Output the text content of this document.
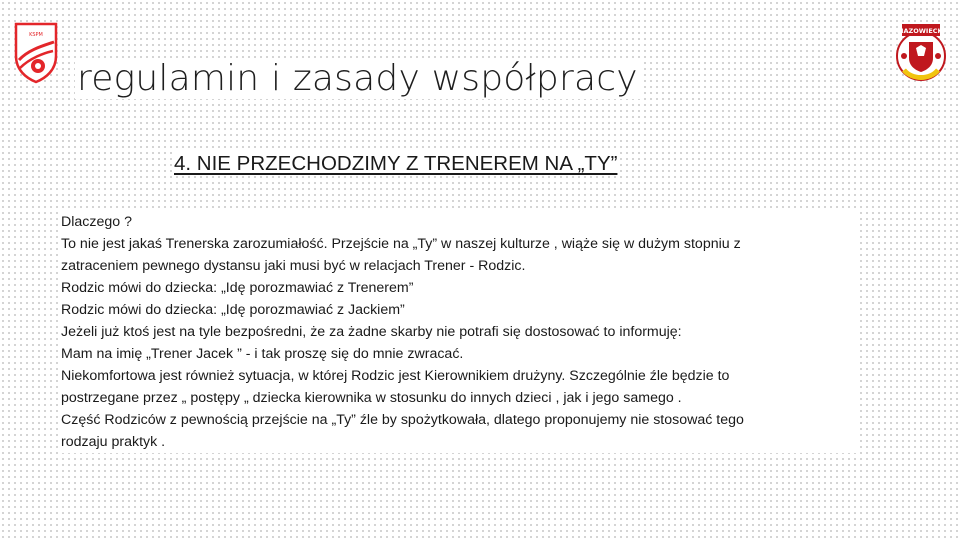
KSPM	MAZOWIECKI
regulamin i zasady współpracy
4. NIE PRZECHODZIMY Z TRENEREM NA „TY”
Dlaczego ?
To nie jest jakaś Trenerska zarozumiałość. Przejście na „Ty” w naszej kulturze , wiąże się w dużym stopniu z
zatraceniem pewnego dystansu jaki musi być w relacjach Trener - Rodzic.
Rodzic mówi do dziecka: „Idę porozmawiać z Trenerem”
Rodzic mówi do dziecka: „Idę porozmawiać z Jackiem”
Jeżeli już ktoś jest na tyle bezpośredni, że za żadne skarby nie potrafi się dostosować to informuję:
Mam na imię „Trener Jacek ” - i tak proszę się do mnie zwracać.
Niekomfortowa jest również sytuacja, w której Rodzic jest Kierownikiem drużyny. Szczególnie źle będzie to
postrzegane przez „ postępy „ dziecka kierownika w stosunku do innych dzieci , jak i jego samego .
Część Rodziców z pewnością przejście na „Ty” źle by spożytkowała, dlatego proponujemy nie stosować tego
rodzaju praktyk .
